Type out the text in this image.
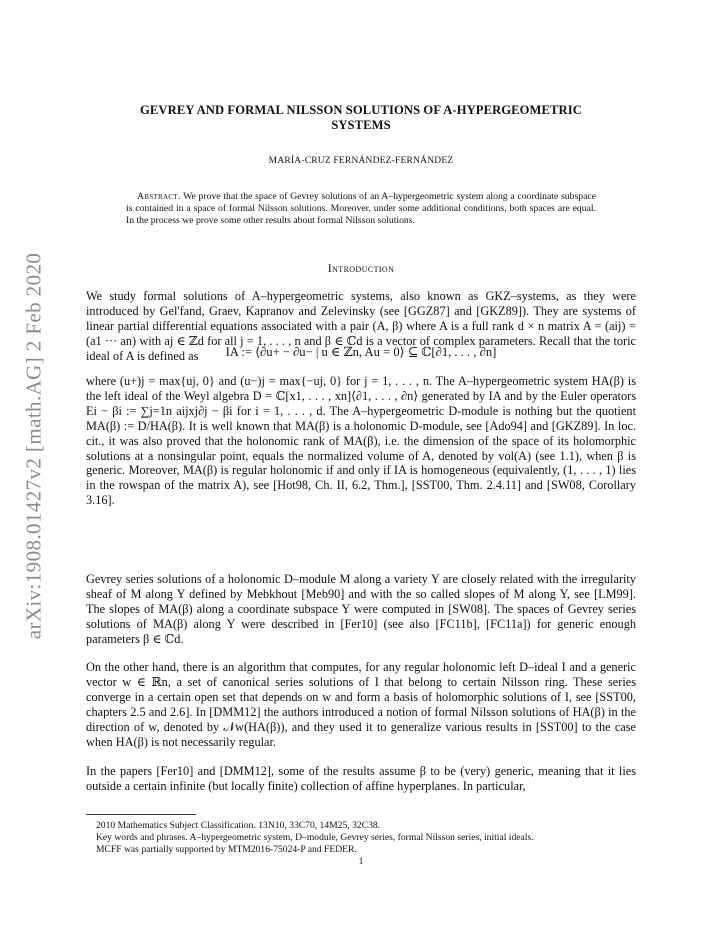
arXiv:1908.01427v2 [math.AG] 2 Feb 2020
GEVREY AND FORMAL NILSSON SOLUTIONS OF A-HYPERGEOMETRIC
SYSTEMS
MARÍA-CRUZ FERNÁNDEZ-FERNÁNDEZ
Abstract. We prove that the space of Gevrey solutions of an A–hypergeometric system along a coordinate subspace is contained in a space of formal Nilsson solutions. Moreover, under some additional conditions, both spaces are equal. In the process we prove some other results about formal Nilsson solutions.
Introduction
We study formal solutions of A–hypergeometric systems, also known as GKZ–systems, as they were introduced by Gel'fand, Graev, Kapranov and Zelevinsky (see [GGZ87] and [GKZ89]). They are systems of linear partial differential equations associated with a pair (A, β) where A is a full rank d × n matrix A = (aij) = (a1 ··· an) with aj ∈ ℤd for all j = 1, . . . , n and β ∈ ℂd is a vector of complex parameters. Recall that the toric ideal of A is defined as	IA := ⟨∂u+ − ∂u− | u ∈ ℤn, Au = 0⟩ ⊆ ℂ[∂1, . . . , ∂n]
where (u+)j = max{uj, 0} and (u−)j = max{−uj, 0} for j = 1, . . . , n. The A–hypergeometric system HA(β) is the left ideal of the Weyl algebra D = ℂ[x1, . . . , xn]⟨∂1, . . . , ∂n⟩ generated by IA and by the Euler operators Ei − βi := ∑j=1n aijxj∂j − βi for i = 1, . . . , d. The A–hypergeometric D-module is nothing but the quotient MA(β) := D/HA(β). It is well known that MA(β) is a holonomic D-module, see [Ado94] and [GKZ89]. In loc. cit., it was also proved that the holonomic rank of MA(β), i.e. the dimension of the space of its holomorphic solutions at a nonsingular point, equals the normalized volume of A, denoted by vol(A) (see 1.1), when β is generic. Moreover, MA(β) is regular holonomic if and only if IA is homogeneous (equivalently, (1, . . . , 1) lies in the rowspan of the matrix A), see [Hot98, Ch. II, 6.2, Thm.], [SST00, Thm. 2.4.11] and [SW08, Corollary 3.16].
Gevrey series solutions of a holonomic D–module M along a variety Y are closely related with the irregularity sheaf of M along Y defined by Mebkhout [Meb90] and with the so called slopes of M along Y, see [LM99]. The slopes of MA(β) along a coordinate subspace Y were computed in [SW08]. The spaces of Gevrey series solutions of MA(β) along Y were described in [Fer10] (see also [FC11b], [FC11a]) for generic enough parameters β ∈ ℂd.
On the other hand, there is an algorithm that computes, for any regular holonomic left D–ideal I and a generic vector w ∈ ℝn, a set of canonical series solutions of I that belong to certain Nilsson ring. These series converge in a certain open set that depends on w and form a basis of holomorphic solutions of I, see [SST00, chapters 2.5 and 2.6]. In [DMM12] the authors introduced a notion of formal Nilsson solutions of HA(β) in the direction of w, denoted by 𝒩w(HA(β)), and they used it to generalize various results in [SST00] to the case when HA(β) is not necessarily regular.
In the papers [Fer10] and [DMM12], some of the results assume β to be (very) generic, meaning that it lies outside a certain infinite (but locally finite) collection of affine hyperplanes. In particular,
2010 Mathematics Subject Classification. 13N10, 33C70, 14M25, 32C38.
Key words and phrases. A–hypergeometric system, D–module, Gevrey series, formal Nilsson series, initial ideals.
MCFF was partially supported by MTM2016-75024-P and FEDER.
1
